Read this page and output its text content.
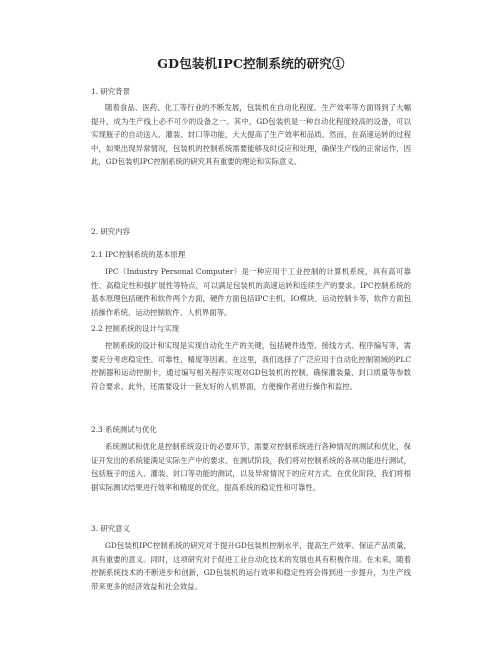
GD包装机IPC控制系统的研究①
1. 研究背景
随着食品、医药、化工等行业的不断发展，包装机在自动化程度、生产效率等方面得到了大幅提升，成为生产线上必不可少的设备之一。其中，GD包装机是一种自动化程度较高的设备，可以实现瓶子的自动送入、灌装、封口等功能，大大提高了生产效率和品质。然而，在高速运转的过程中，如果出现异常情况，包装机的控制系统需要能够及时反应和处理，确保生产线的正常运作，因此，GD包装机IPC控制系统的研究具有重要的理论和实际意义。
2. 研究内容
2.1 IPC控制系统的基本原理
IPC（Industry Personal Computer）是一种应用于工业控制的计算机系统，具有高可靠性、高稳定性和强扩展性等特点，可以满足包装机的高速运转和连续生产的要求。IPC控制系统的基本原理包括硬件和软件两个方面，硬件方面包括IPC主机、IO模块、运动控制卡等，软件方面包括操作系统、运动控制软件、人机界面等。
2.2 控制系统的设计与实现
控制系统的设计和实现是实现自动化生产的关键，包括硬件选型、接线方式、程序编写等，需要充分考虑稳定性、可靠性、精度等因素。在这里，我们选择了广泛应用于自动化控制领域的PLC控制器和运动控制卡，通过编写相关程序实现对GD包装机的控制，确保灌装量、封口质量等参数符合要求。此外，还需要设计一套友好的人机界面，方便操作者进行操作和监控。
2.3 系统测试与优化
系统测试和优化是控制系统设计的必要环节，需要对控制系统进行各种情况的测试和优化，保证开发出的系统能满足实际生产中的要求。在测试阶段，我们将对控制系统的各项功能进行测试，包括瓶子的送入、灌装、封口等功能的测试，以及异常情况下的应对方式。在优化阶段，我们将根据实际测试结果进行效率和精度的优化，提高系统的稳定性和可靠性。
3. 研究意义
GD包装机IPC控制系统的研究对于提升GD包装机控制水平，提高生产效率、保证产品质量，具有重要的意义。同时，这项研究对于促进工业自动化技术的发展也具有积极作用。在未来，随着控制系统技术的不断进步和创新，GD包装机的运行效率和稳定性将会得到进一步提升，为生产线带来更多的经济效益和社会效益。
